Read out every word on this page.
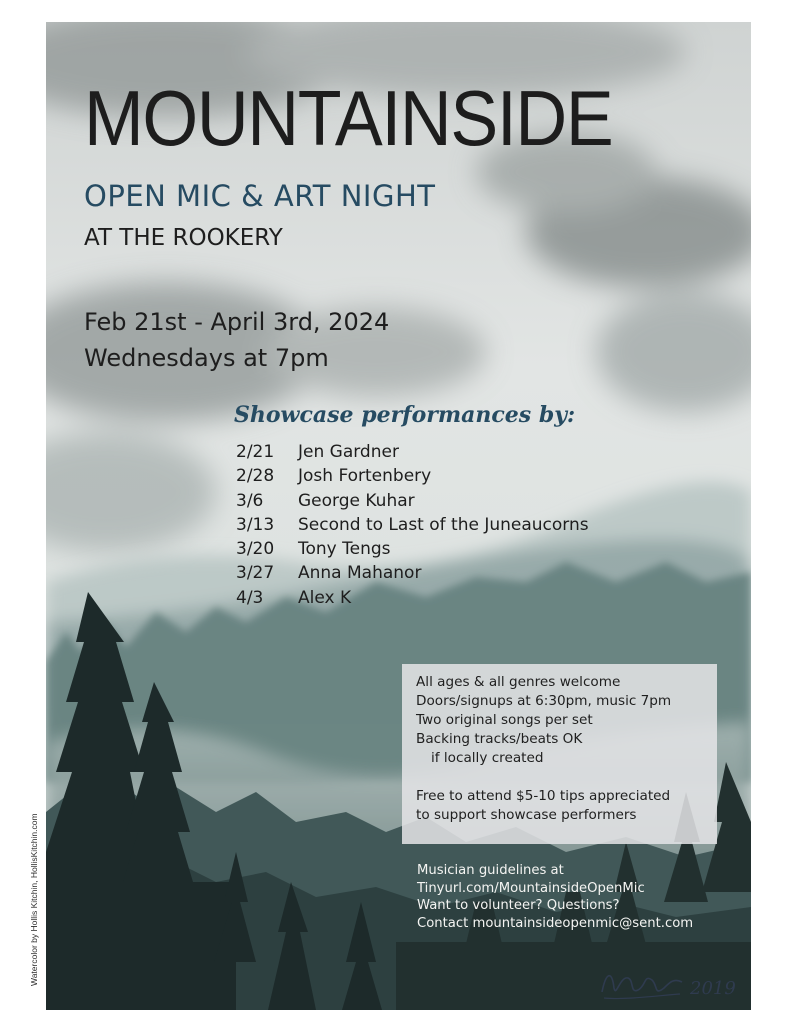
MOUNTAINSIDE
OPEN MIC & ART NIGHT
AT THE ROOKERY
Feb 21st - April 3rd, 2024
Wednesdays at 7pm
Showcase performances by:
2/21	Jen Gardner
2/28	Josh Fortenbery
3/6	George Kuhar
3/13	Second to Last of the Juneaucorns
3/20	Tony Tengs
3/27	Anna Mahanor
4/3	Alex K
All ages & all genres welcome
Doors/signups at 6:30pm, music 7pm
Two original songs per set
Backing tracks/beats OK
if locally created
Free to attend $5-10 tips appreciated
to support showcase performers
Musician guidelines at
Tinyurl.com/MountainsideOpenMic
Want to volunteer? Questions?
Contact mountainsideopenmic@sent.com
2019
Watercolor by Hollis Kitchin, HollisKitchin.com
